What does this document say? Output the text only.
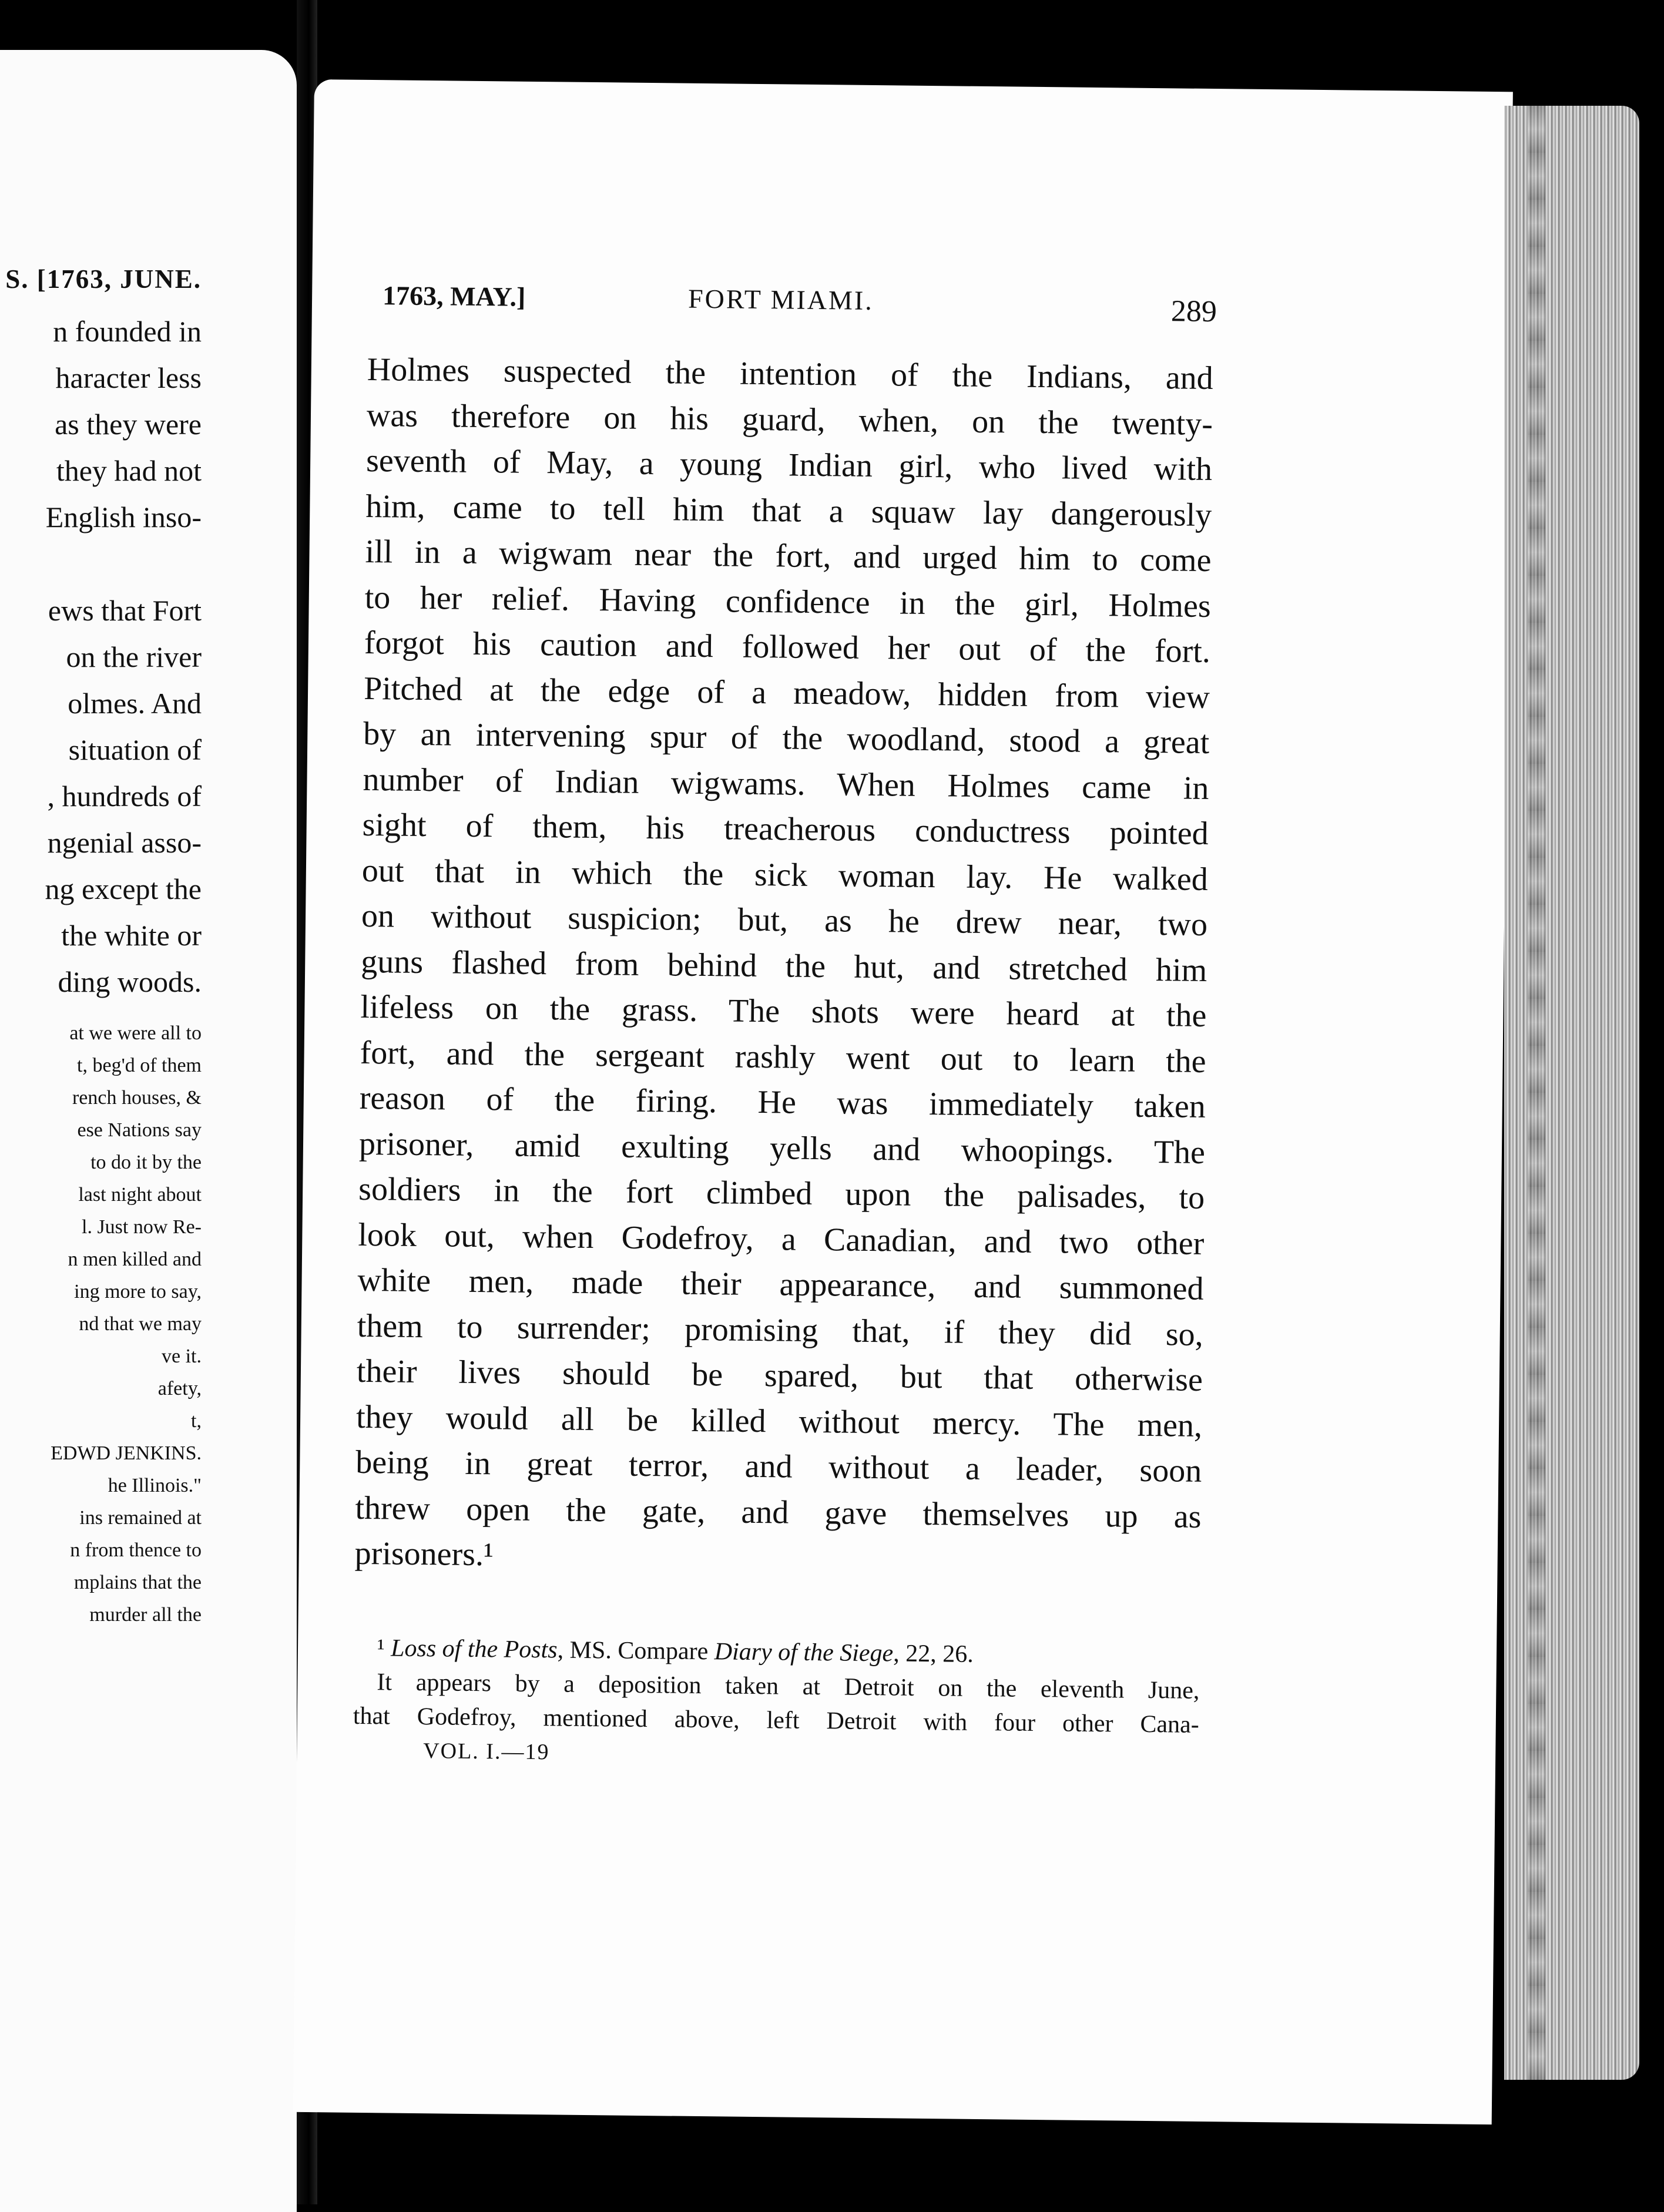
S. [1763, JUNE.
n founded in
haracter less
as they were
they had not
English inso-
ews that Fort
on the river
olmes. And
situation of
, hundreds of
ngenial asso-
ng except the
the white or
ding woods.
at we were all to
t, beg'd of them
rench houses, &
ese Nations say
to do it by the
last night about
l. Just now Re-
n men killed and
ing more to say,
nd that we may
ve it.
afety,
t,
EDWD JENKINS.
he Illinois."
ins remained at
n from thence to
mplains that the
murder all the
1763, MAY.]	FORT MIAMI.	289
Holmes suspected the intention of the Indians, and
was therefore on his guard, when, on the twenty-
seventh of May, a young Indian girl, who lived with
him, came to tell him that a squaw lay dangerously
ill in a wigwam near the fort, and urged him to come
to her relief. Having confidence in the girl, Holmes
forgot his caution and followed her out of the fort.
Pitched at the edge of a meadow, hidden from view
by an intervening spur of the woodland, stood a great
number of Indian wigwams. When Holmes came in
sight of them, his treacherous conductress pointed
out that in which the sick woman lay. He walked
on without suspicion; but, as he drew near, two
guns flashed from behind the hut, and stretched him
lifeless on the grass. The shots were heard at the
fort, and the sergeant rashly went out to learn the
reason of the firing. He was immediately taken
prisoner, amid exulting yells and whoopings. The
soldiers in the fort climbed upon the palisades, to
look out, when Godefroy, a Canadian, and two other
white men, made their appearance, and summoned
them to surrender; promising that, if they did so,
their lives should be spared, but that otherwise
they would all be killed without mercy. The men,
being in great terror, and without a leader, soon
threw open the gate, and gave themselves up as
prisoners.¹
¹ Loss of the Posts, MS. Compare Diary of the Siege, 22, 26.
It appears by a deposition taken at Detroit on the eleventh June,
that Godefroy, mentioned above, left Detroit with four other Cana-
VOL. I.—19
